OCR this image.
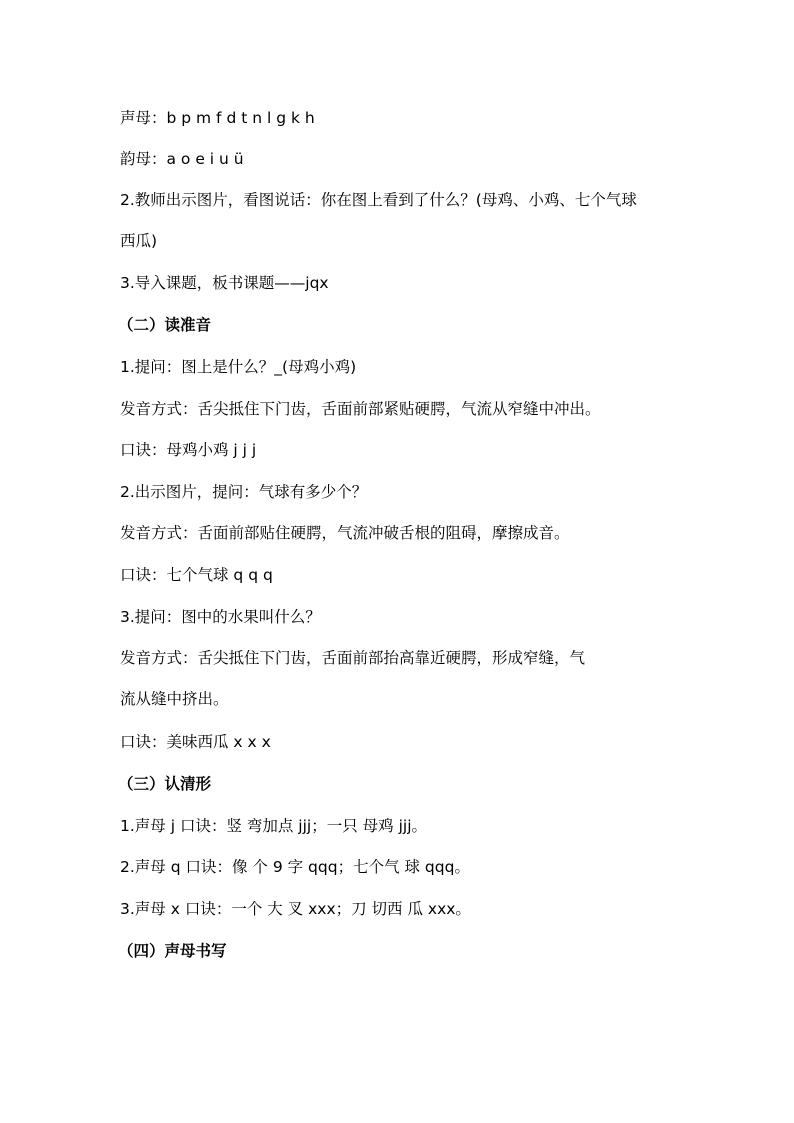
声母：b p m f d t n l g k h
韵母：a o e i u ü
2.教师出示图片，看图说话：你在图上看到了什么？(母鸡、小鸡、七个气球
西瓜)
3.导入课题，板书课题——jqx
（二）读准音
1.提问：图上是什么？_(母鸡小鸡)
发音方式：舌尖抵住下门齿，舌面前部紧贴硬腭，气流从窄缝中冲出。
口诀：母鸡小鸡 j j j
2.出示图片，提问：气球有多少个？
发音方式：舌面前部贴住硬腭，气流冲破舌根的阻碍，摩擦成音。
口诀：七个气球 q q q
3.提问：图中的水果叫什么？
发音方式：舌尖抵住下门齿，舌面前部抬高靠近硬腭，形成窄缝，气
流从缝中挤出。
口诀：美味西瓜 x x x
（三）认清形
1.声母 j 口诀：竖 弯加点 jjj；一只 母鸡 jjj。
2.声母 q 口诀：像 个 9 字 qqq；七个气 球 qqq。
3.声母 x 口诀：一个 大 叉 xxx；刀 切西 瓜 xxx。
（四）声母书写
